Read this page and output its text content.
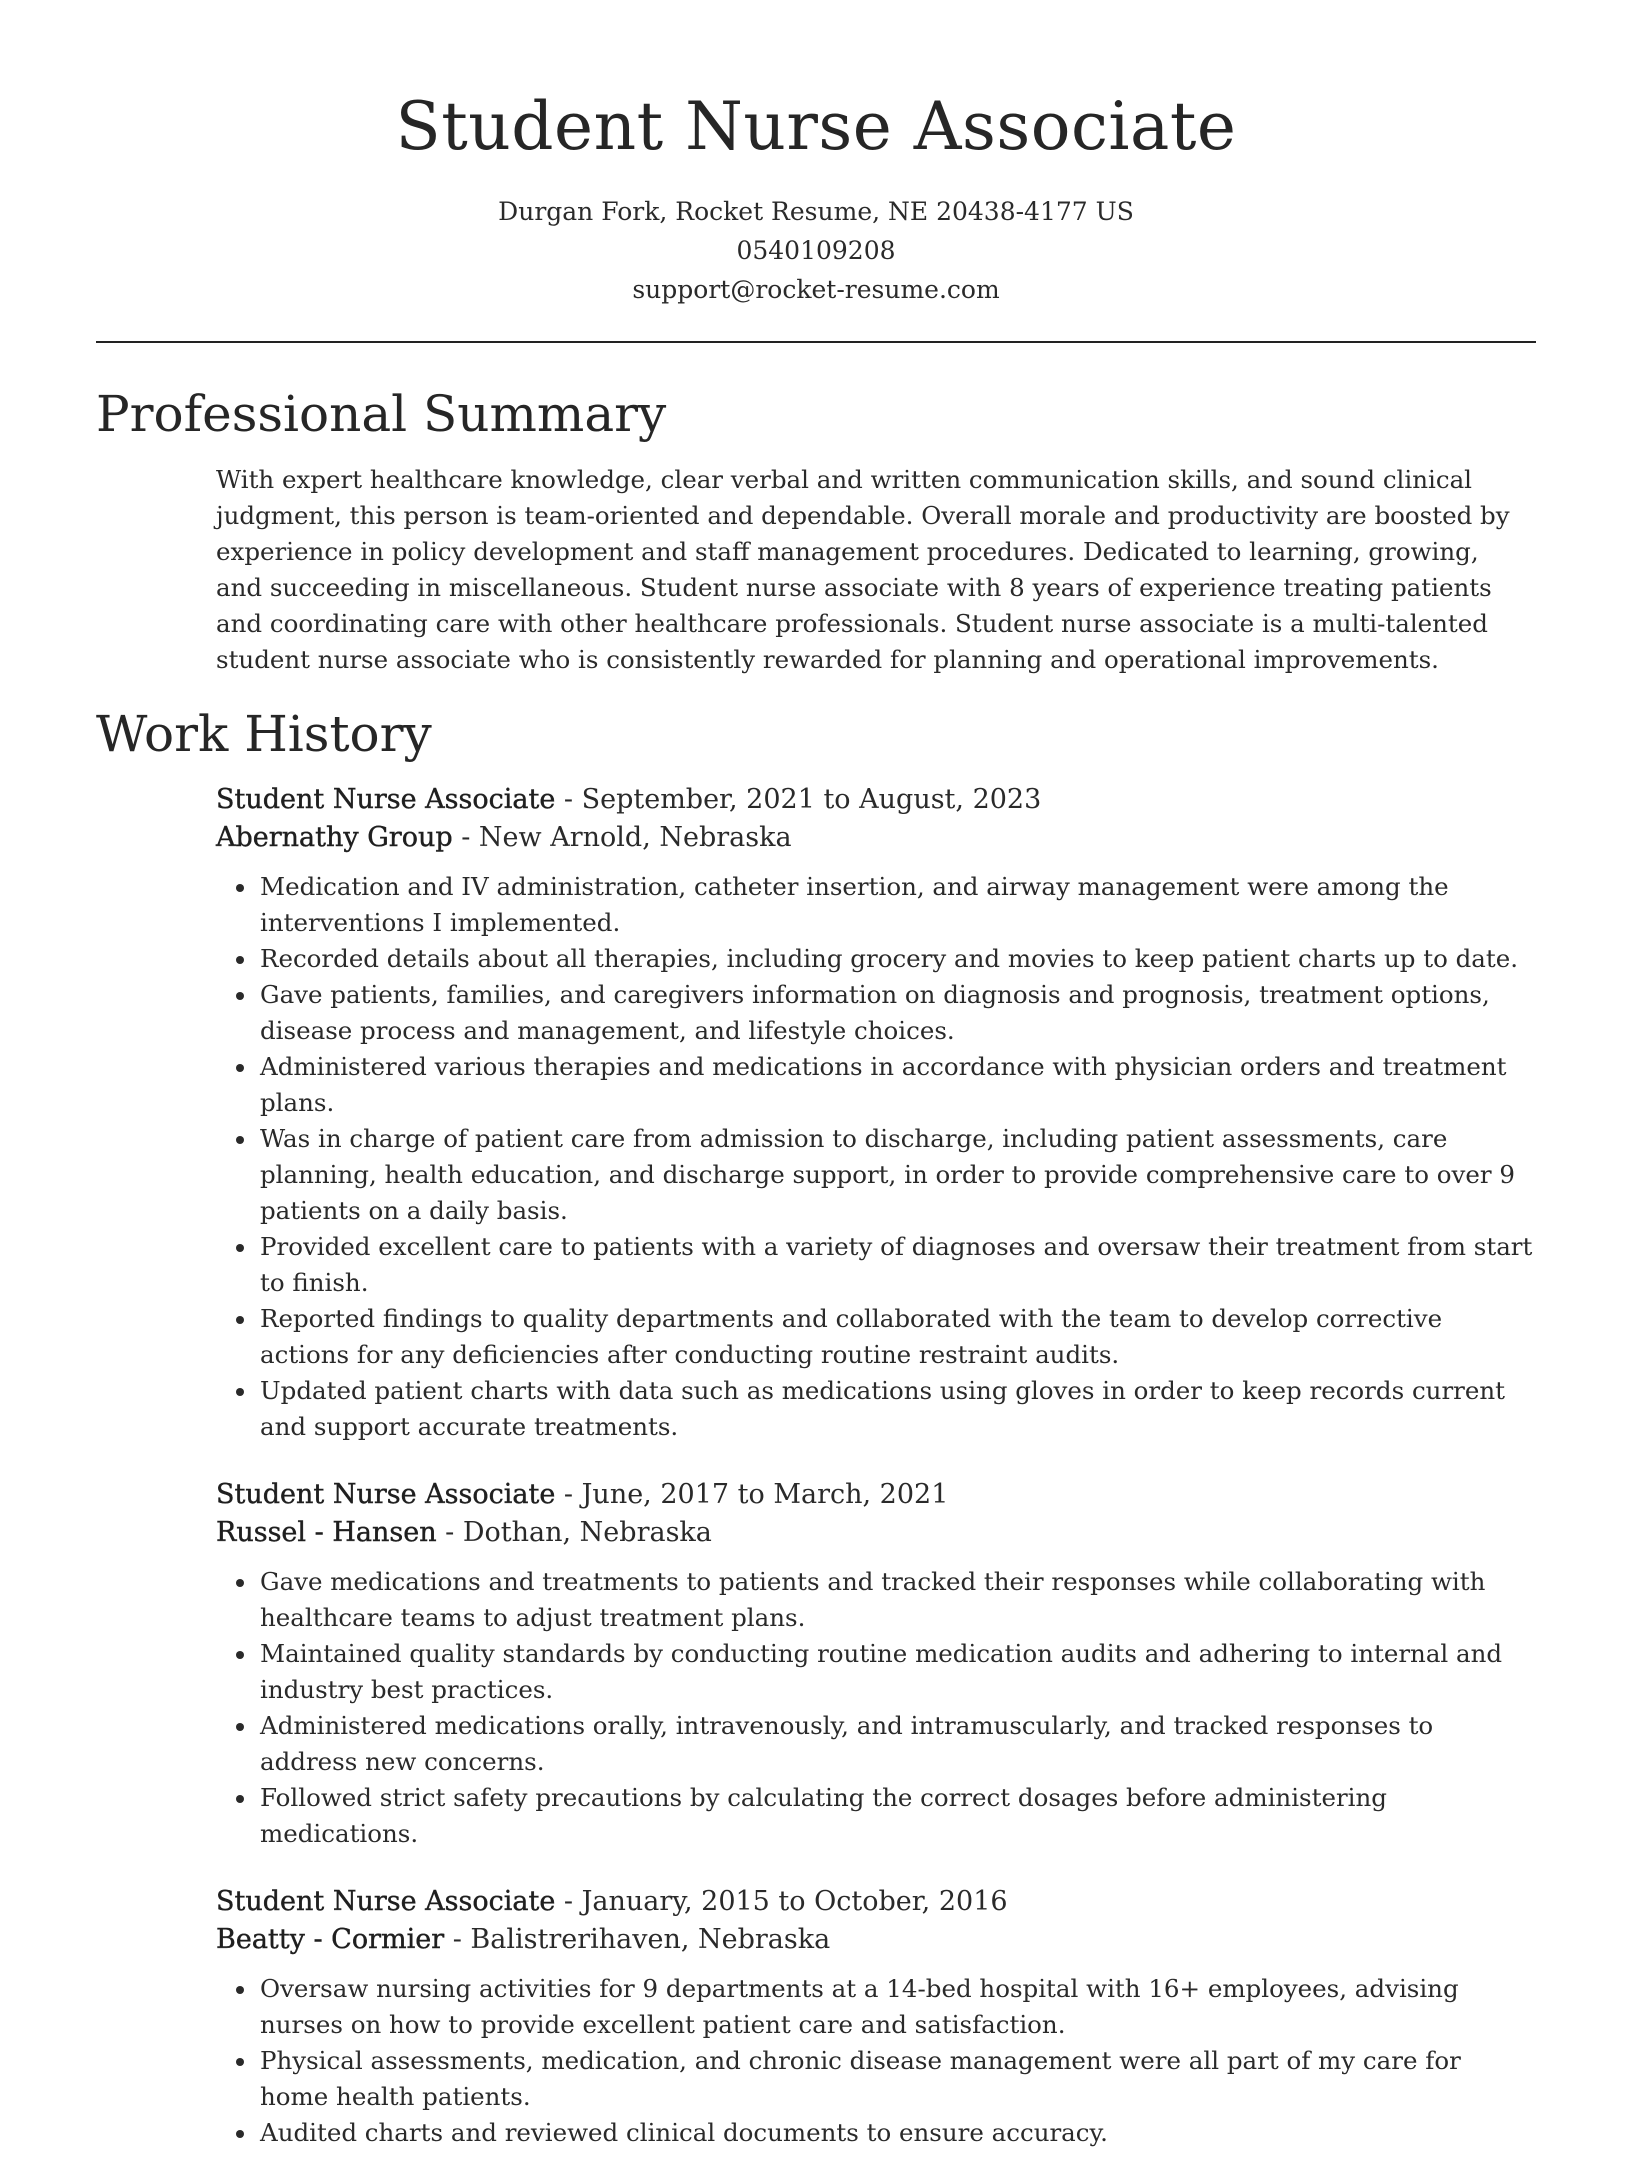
Student Nurse Associate
Durgan Fork, Rocket Resume, NE 20438-4177 US
0540109208
support@rocket-resume.com
Professional Summary

With expert healthcare knowledge, clear verbal and written communication skills, and sound clinical judgment, this person is team-oriented and dependable. Overall morale and productivity are boosted by experience in policy development and staff management procedures. Dedicated to learning, growing, and succeeding in miscellaneous. Student nurse associate with 8 years of experience treating patients and coordinating care with other healthcare professionals. Student nurse associate is a multi-talented student nurse associate who is consistently rewarded for planning and operational improvements.

Work History
Student Nurse Associate - September, 2021 to August, 2023
Abernathy Group - New Arnold, Nebraska
Medication and IV administration, catheter insertion, and airway management were among the interventions I implemented.
Recorded details about all therapies, including grocery and movies to keep patient charts up to date.
Gave patients, families, and caregivers information on diagnosis and prognosis, treatment options, disease process and management, and lifestyle choices.
Administered various therapies and medications in accordance with physician orders and treatment plans.
Was in charge of patient care from admission to discharge, including patient assessments, care planning, health education, and discharge support, in order to provide comprehensive care to over 9 patients on a daily basis.
Provided excellent care to patients with a variety of diagnoses and oversaw their treatment from start to finish.
Reported findings to quality departments and collaborated with the team to develop corrective actions for any deficiencies after conducting routine restraint audits.
Updated patient charts with data such as medications using gloves in order to keep records current and support accurate treatments.
Student Nurse Associate - June, 2017 to March, 2021
Russel - Hansen - Dothan, Nebraska
Gave medications and treatments to patients and tracked their responses while collaborating with healthcare teams to adjust treatment plans.
Maintained quality standards by conducting routine medication audits and adhering to internal and industry best practices.
Administered medications orally, intravenously, and intramuscularly, and tracked responses to address new concerns.
Followed strict safety precautions by calculating the correct dosages before administering medications.
Student Nurse Associate - January, 2015 to October, 2016
Beatty - Cormier - Balistrerihaven, Nebraska
Oversaw nursing activities for 9 departments at a 14-bed hospital with 16+ employees, advising nurses on how to provide excellent patient care and satisfaction.
Physical assessments, medication, and chronic disease management were all part of my care for home health patients.
Audited charts and reviewed clinical documents to ensure accuracy.
